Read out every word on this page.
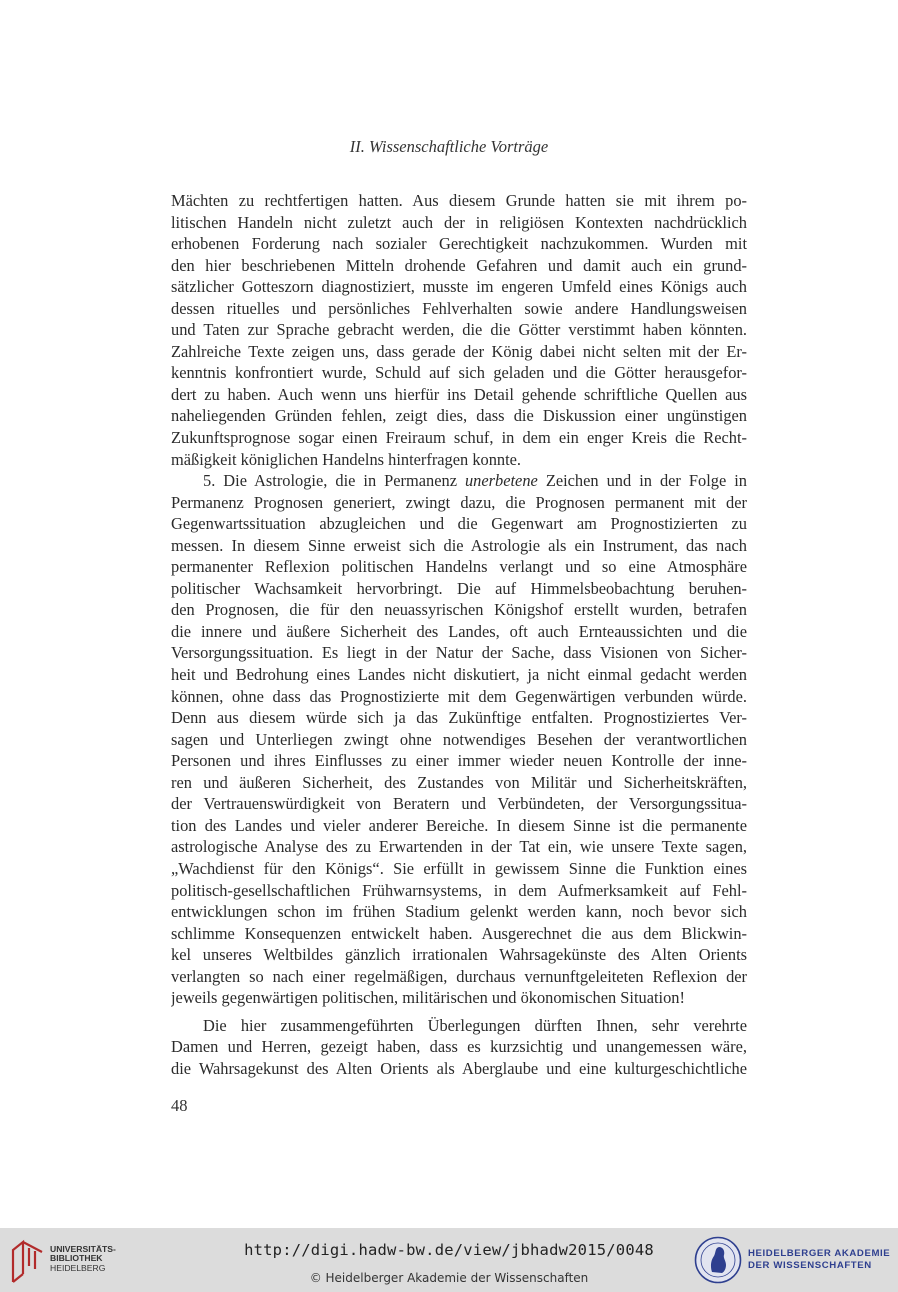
II. Wissenschaftliche Vorträge
Mächten zu rechtfertigen hatten. Aus diesem Grunde hatten sie mit ihrem po-
litischen Handeln nicht zuletzt auch der in religiösen Kontexten nachdrücklich
erhobenen Forderung nach sozialer Gerechtigkeit nachzukommen. Wurden mit
den hier beschriebenen Mitteln drohende Gefahren und damit auch ein grund-
sätzlicher Gotteszorn diagnostiziert, musste im engeren Umfeld eines Königs auch
dessen rituelles und persönliches Fehlverhalten sowie andere Handlungsweisen
und Taten zur Sprache gebracht werden, die die Götter verstimmt haben könnten.
Zahlreiche Texte zeigen uns, dass gerade der König dabei nicht selten mit der Er-
kenntnis konfrontiert wurde, Schuld auf sich geladen und die Götter herausgefor-
dert zu haben. Auch wenn uns hierfür ins Detail gehende schriftliche Quellen aus
naheliegenden Gründen fehlen, zeigt dies, dass die Diskussion einer ungünstigen
Zukunftsprognose sogar einen Freiraum schuf, in dem ein enger Kreis die Recht-
mäßigkeit königlichen Handelns hinterfragen konnte.
5. Die Astrologie, die in Permanenz unerbetene Zeichen und in der Folge in
Permanenz Prognosen generiert, zwingt dazu, die Prognosen permanent mit der
Gegenwartssituation abzugleichen und die Gegenwart am Prognostizierten zu
messen. In diesem Sinne erweist sich die Astrologie als ein Instrument, das nach
permanenter Reflexion politischen Handelns verlangt und so eine Atmosphäre
politischer Wachsamkeit hervorbringt. Die auf Himmelsbeobachtung beruhen-
den Prognosen, die für den neuassyrischen Königshof erstellt wurden, betrafen
die innere und äußere Sicherheit des Landes, oft auch Ernteaussichten und die
Versorgungssituation. Es liegt in der Natur der Sache, dass Visionen von Sicher-
heit und Bedrohung eines Landes nicht diskutiert, ja nicht einmal gedacht werden
können, ohne dass das Prognostizierte mit dem Gegenwärtigen verbunden würde.
Denn aus diesem würde sich ja das Zukünftige entfalten. Prognostiziertes Ver-
sagen und Unterliegen zwingt ohne notwendiges Besehen der verantwortlichen
Personen und ihres Einflusses zu einer immer wieder neuen Kontrolle der inne-
ren und äußeren Sicherheit, des Zustandes von Militär und Sicherheitskräften,
der Vertrauenswürdigkeit von Beratern und Verbündeten, der Versorgungssitua-
tion des Landes und vieler anderer Bereiche. In diesem Sinne ist die permanente
astrologische Analyse des zu Erwartenden in der Tat ein, wie unsere Texte sagen,
„Wachdienst für den Königs“. Sie erfüllt in gewissem Sinne die Funktion eines
politisch-gesellschaftlichen Frühwarnsystems, in dem Aufmerksamkeit auf Fehl-
entwicklungen schon im frühen Stadium gelenkt werden kann, noch bevor sich
schlimme Konsequenzen entwickelt haben. Ausgerechnet die aus dem Blickwin-
kel unseres Weltbildes gänzlich irrationalen Wahrsagekünste des Alten Orients
verlangten so nach einer regelmäßigen, durchaus vernunftgeleiteten Reflexion der
jeweils gegenwärtigen politischen, militärischen und ökonomischen Situation!
Die hier zusammengeführten Überlegungen dürften Ihnen, sehr verehrte
Damen und Herren, gezeigt haben, dass es kurzsichtig und unangemessen wäre,
die Wahrsagekunst des Alten Orients als Aberglaube und eine kulturgeschichtliche
48
UNIVERSITÄTS-
BIBLIOTHEK
HEIDELBERG
http://digi.hadw-bw.de/view/jbhadw2015/0048
© Heidelberger Akademie der Wissenschaften
HEIDELBERGER AKADEMIE
DER WISSENSCHAFTEN
